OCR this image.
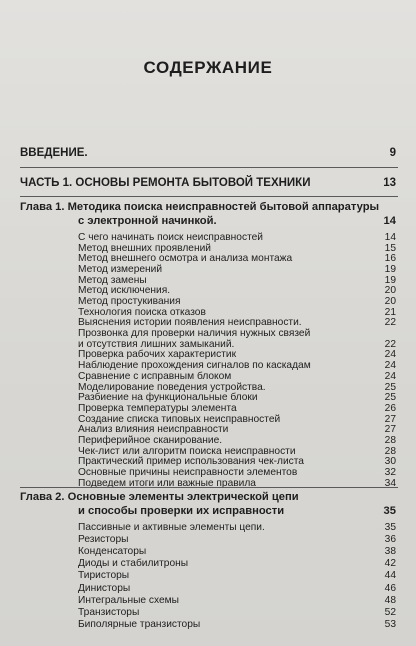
СОДЕРЖАНИЕ
ВВЕДЕНИЕ.	9
ЧАСТЬ 1. ОСНОВЫ РЕМОНТА БЫТОВОЙ ТЕХНИКИ	13
Глава 1. Методика поиска неисправностей бытовой аппаратуры
с электронной начинкой.	14
С чего начинать поиск неисправностей	14
Метод внешних проявлений	15
Метод внешнего осмотра и анализа монтажа	16
Метод измерений	19
Метод замены	19
Метод исключения.	20
Метод простукивания	20
Технология поиска отказов	21
Выяснения истории появления неисправности.	22
Прозвонка для проверки наличия нужных связей
и отсутствия лишних замыканий.	22
Проверка рабочих характеристик	24
Наблюдение прохождения сигналов по каскадам	24
Сравнение с исправным блоком	24
Моделирование поведения устройства.	25
Разбиение на функциональные блоки	25
Проверка температуры элемента	26
Создание списка типовых неисправностей	27
Анализ влияния неисправности	27
Периферийное сканирование.	28
Чек-лист или алгоритм поиска неисправности	28
Практический пример использования чек-листа	30
Основные причины неисправности элементов	32
Подведем итоги или важные правила	34
Глава 2. Основные элементы электрической цепи
и способы проверки их исправности	35
Пассивные и активные элементы цепи.	35
Резисторы	36
Конденсаторы	38
Диоды и стабилитроны	42
Тиристоры	44
Динисторы	46
Интегральные схемы	48
Транзисторы	52
Биполярные транзисторы	53
